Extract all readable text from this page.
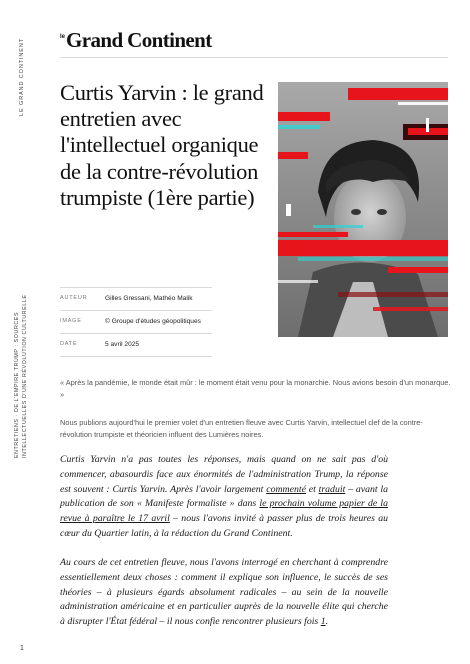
LE GRAND CONTINENT
ENTRETIENS · DE L'EMPIRE TRUMP : SOURCES INTELLECTUELLES D'UNE RÉVOLUTION CULTURELLE
1
$^{le}$Grand Continent
Curtis Yarvin : le grand entretien avec l'intellectuel organique de la contre-révolution trumpiste (1ère partie)
AUTEUR	Gilles Gressani, Mathéo Malik
IMAGE	© Groupe d'études géopolitiques
DATE	5 avril 2025

« Après la pandémie, le monde était mûr : le moment était venu pour la monarchie. Nous avions besoin d'un monarque. »

Nous publions aujourd'hui le premier volet d'un entretien fleuve avec Curtis Yarvin, intellectuel clef de la contre-révolution trumpiste et théoricien influent des Lumières noires.

Curtis Yarvin n'a pas toutes les réponses, mais quand on ne sait pas d'où commencer, abasourdis face aux énormités de l'administration Trump, la réponse est souvent : Curtis Yarvin. Après l'avoir largement commenté et traduit – avant la publication de son « Manifeste formaliste » dans le prochain volume papier de la revue à paraître le 17 avril – nous l'avons invité à passer plus de trois heures au cœur du Quartier latin, à la rédaction du Grand Continent.

Au cours de cet entretien fleuve, nous l'avons interrogé en cherchant à comprendre essentiellement deux choses : comment il explique son influence, le succès de ses théories – à plusieurs égards absolument radicales – au sein de la nouvelle administration américaine et en particulier auprès de la nouvelle élite qui cherche à disrupter l'État fédéral – il nous confie rencontrer plusieurs fois 1.
